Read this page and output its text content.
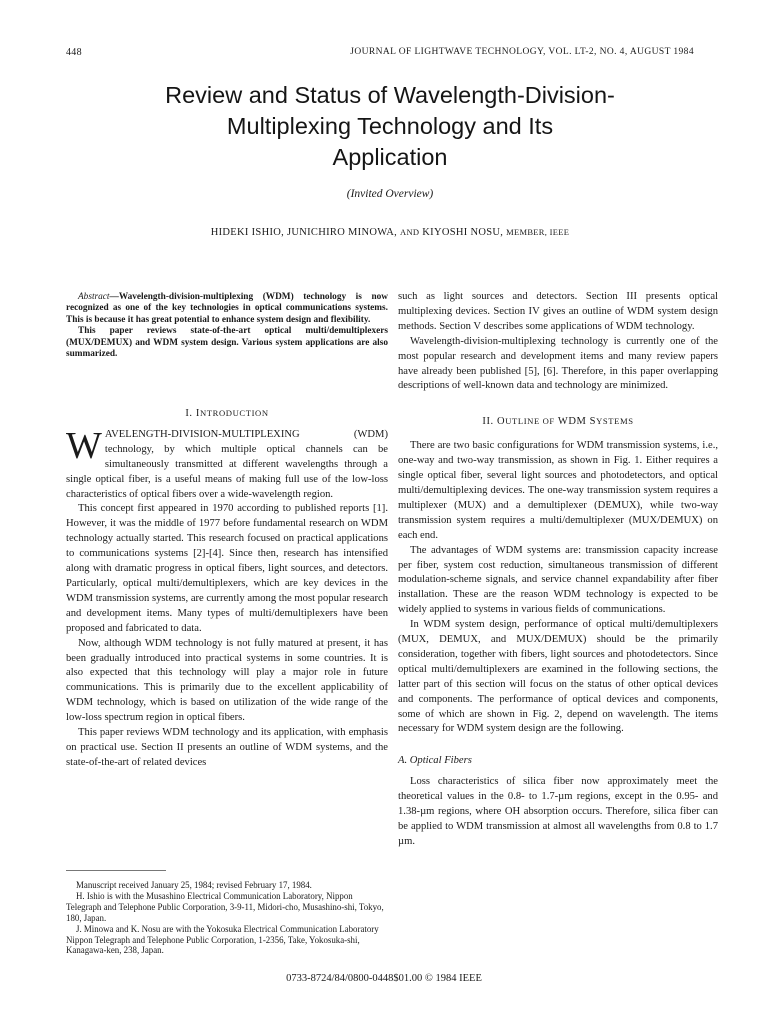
448	JOURNAL OF LIGHTWAVE TECHNOLOGY, VOL. LT-2, NO. 4, AUGUST 1984
Review and Status of Wavelength-Division-
Multiplexing Technology and Its
Application
(Invited Overview)
HIDEKI ISHIO, JUNICHIRO MINOWA, AND KIYOSHI NOSU, MEMBER, IEEE

Abstract—Wavelength-division-multiplexing (WDM) technology is now recognized as one of the key technologies in optical communications systems. This is because it has great potential to enhance system design and flexibility.

This paper reviews state-of-the-art optical multi/demultiplexers (MUX/DEMUX) and WDM system design. Various system applications are also summarized.

I. INTRODUCTION

WAVELENGTH-DIVISION-MULTIPLEXING (WDM) technology, by which multiple optical channels can be simultaneously transmitted at different wavelengths through a single optical fiber, is a useful means of making full use of the low-loss characteristics of optical fibers over a wide-wavelength region.

This concept first appeared in 1970 according to published reports [1]. However, it was the middle of 1977 before fundamental research on WDM technology actually started. This research focused on practical applications to communications systems [2]-[4]. Since then, research has intensified along with dramatic progress in optical fibers, light sources, and detectors. Particularly, optical multi/demultiplexers, which are key devices in the WDM transmission systems, are currently among the most popular research and development items. Many types of multi/demultiplexers have been proposed and fabricated to data.

Now, although WDM technology is not fully matured at present, it has been gradually introduced into practical systems in some countries. It is also expected that this technology will play a major role in future communications. This is primarily due to the excellent applicability of WDM technology, which is based on utilization of the wide range of the low-loss spectrum region in optical fibers.

This paper reviews WDM technology and its application, with emphasis on practical use. Section II presents an outline of WDM systems, and the state-of-the-art of related devices

Manuscript received January 25, 1984; revised February 17, 1984.

H. Ishio is with the Musashino Electrical Communication Laboratory, Nippon Telegraph and Telephone Public Corporation, 3-9-11, Midori-cho, Musashino-shi, Tokyo, 180, Japan.

J. Minowa and K. Nosu are with the Yokosuka Electrical Communication Laboratory Nippon Telegraph and Telephone Public Corporation, 1-2356, Take, Yokosuka-shi, Kanagawa-ken, 238, Japan.

such as light sources and detectors. Section III presents optical multiplexing devices. Section IV gives an outline of WDM system design methods. Section V describes some applications of WDM technology.

Wavelength-division-multiplexing technology is currently one of the most popular research and development items and many review papers have already been published [5], [6]. Therefore, in this paper overlapping descriptions of well-known data and technology are minimized.

II. OUTLINE OF WDM SYSTEMS

There are two basic configurations for WDM transmission systems, i.e., one-way and two-way transmission, as shown in Fig. 1. Either requires a single optical fiber, several light sources and photodetectors, and optical multi/demultiplexing devices. The one-way transmission system requires a multiplexer (MUX) and a demultiplexer (DEMUX), while two-way transmission system requires a multi/demultiplexer (MUX/DEMUX) on each end.

The advantages of WDM systems are: transmission capacity increase per fiber, system cost reduction, simultaneous transmission of different modulation-scheme signals, and service channel expandability after fiber installation. These are the reason WDM technology is expected to be widely applied to systems in various fields of communications.

In WDM system design, performance of optical multi/demultiplexers (MUX, DEMUX, and MUX/DEMUX) should be the primarily consideration, together with fibers, light sources and photodetectors. Since optical multi/demultiplexers are examined in the following sections, the latter part of this section will focus on the status of other optical devices and components. The performance of optical devices and components, some of which are shown in Fig. 2, depend on wavelength. The items necessary for WDM system design are the following.

A. Optical Fibers

Loss characteristics of silica fiber now approximately meet the theoretical values in the 0.8- to 1.7-µm regions, except in the 0.95- and 1.38-µm regions, where OH absorption occurs. Therefore, silica fiber can be applied to WDM transmission at almost all wavelengths from 0.8 to 1.7 µm.

0733-8724/84/0800-0448$01.00 © 1984 IEEE
